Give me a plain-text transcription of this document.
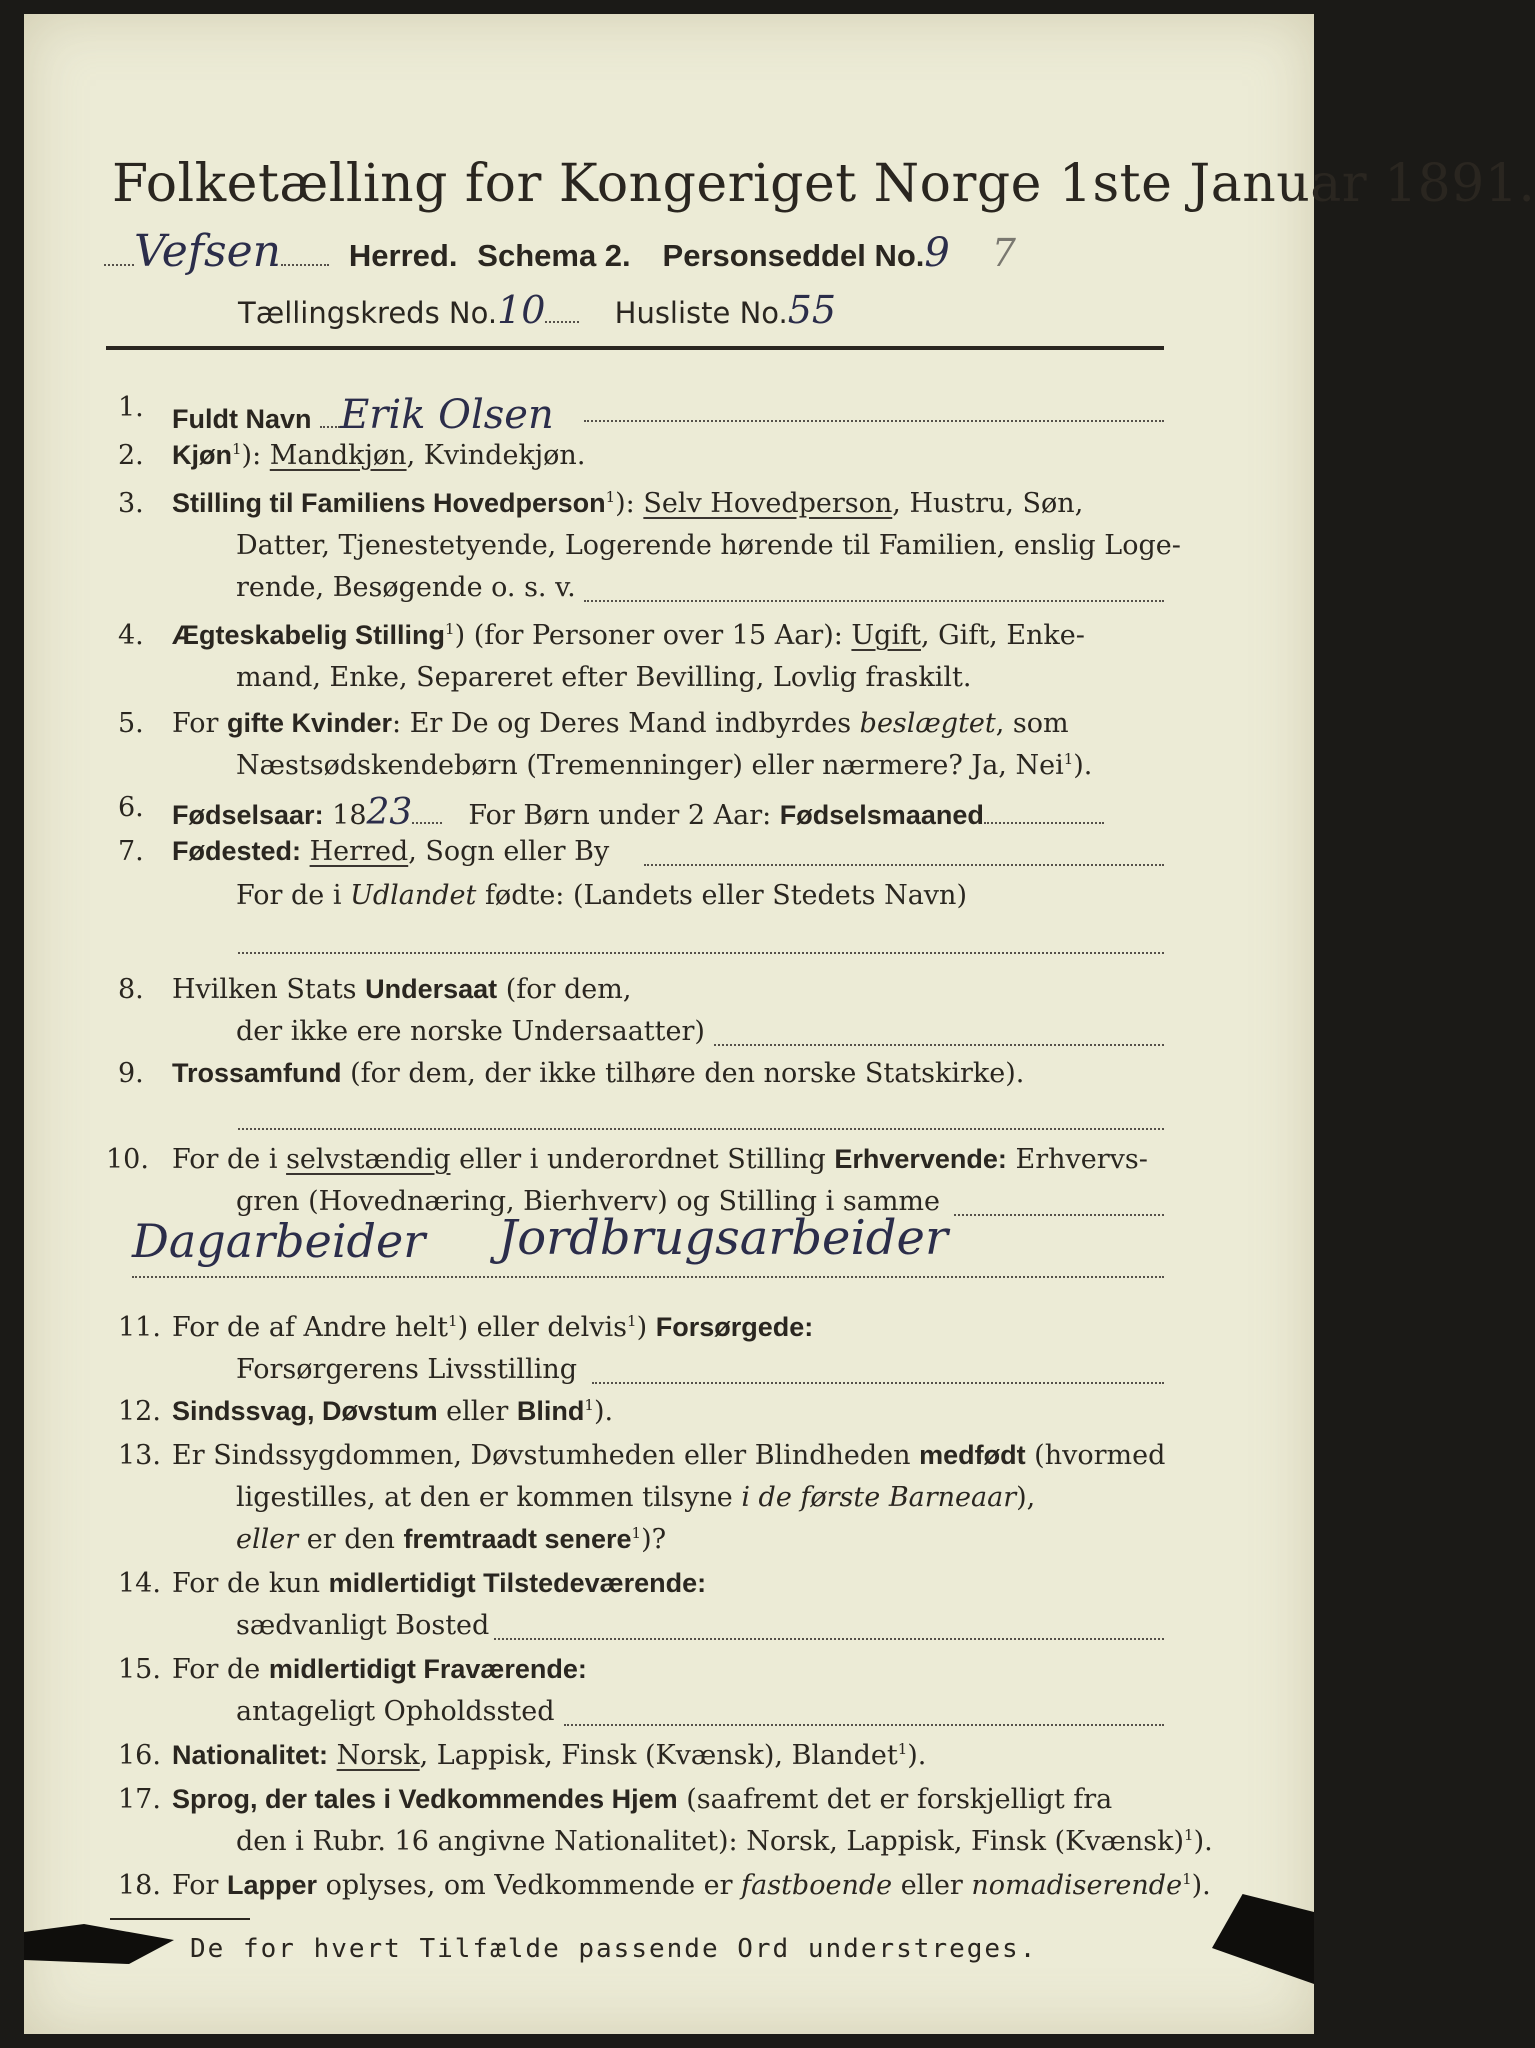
Folketælling for Kongeriget Norge 1ste Januar 1891.
Vefsen Herred. Schema 2. Personseddel No.9 7
Tællingskreds No.10 Husliste No.55
1. Fuldt Navn Erik Olsen
2. Kjøn$^1$): Mandkjøn, Kvindekjøn.
3. Stilling til Familiens Hovedperson$^1$): Selv Hovedperson, Hustru, Søn,
Datter, Tjenestetyende, Logerende hørende til Familien, enslig Loge-
rende, Besøgende o. s. v.
4. Ægteskabelig Stilling$^1$) (for Personer over 15 Aar): Ugift, Gift, Enke-
mand, Enke, Separeret efter Bevilling, Lovlig fraskilt.
5. For gifte Kvinder: Er De og Deres Mand indbyrdes beslægtet, som
Næstsødskendebørn (Tremenninger) eller nærmere? Ja, Nei$^1$).
6. Fødselsaar: 1823 For Børn under 2 Aar: Fødselsmaaned
7. Fødested: Herred, Sogn eller By
For de i Udlandet fødte: (Landets eller Stedets Navn)
8. Hvilken Stats Undersaat (for dem,
der ikke ere norske Undersaatter)
9. Trossamfund (for dem, der ikke tilhøre den norske Statskirke).
10. For de i selvstændig eller i underordnet Stilling Erhvervende: Erhvervs-
gren (Hovednæring, Bierhverv) og Stilling i samme
Dagarbeider Jordbrugsarbeider
11. For de af Andre helt$^1$) eller delvis$^1$) Forsørgede:
Forsørgerens Livsstilling
12. Sindssvag, Døvstum eller Blind$^1$).
13. Er Sindssygdommen, Døvstumheden eller Blindheden medfødt (hvormed
ligestilles, at den er kommen tilsyne i de første Barneaar),
eller er den fremtraadt senere$^1$)?
14. For de kun midlertidigt Tilstedeværende:
sædvanligt Bosted
15. For de midlertidigt Fraværende:
antageligt Opholdssted
16. Nationalitet: Norsk, Lappisk, Finsk (Kvænsk), Blandet$^1$).
17. Sprog, der tales i Vedkommendes Hjem (saafremt det er forskjelligt fra
den i Rubr. 16 angivne Nationalitet): Norsk, Lappisk, Finsk (Kvænsk)$^1$).
18. For Lapper oplyses, om Vedkommende er fastboende eller nomadiserende$^1$).
De for hvert Tilfælde passende Ord understreges.
